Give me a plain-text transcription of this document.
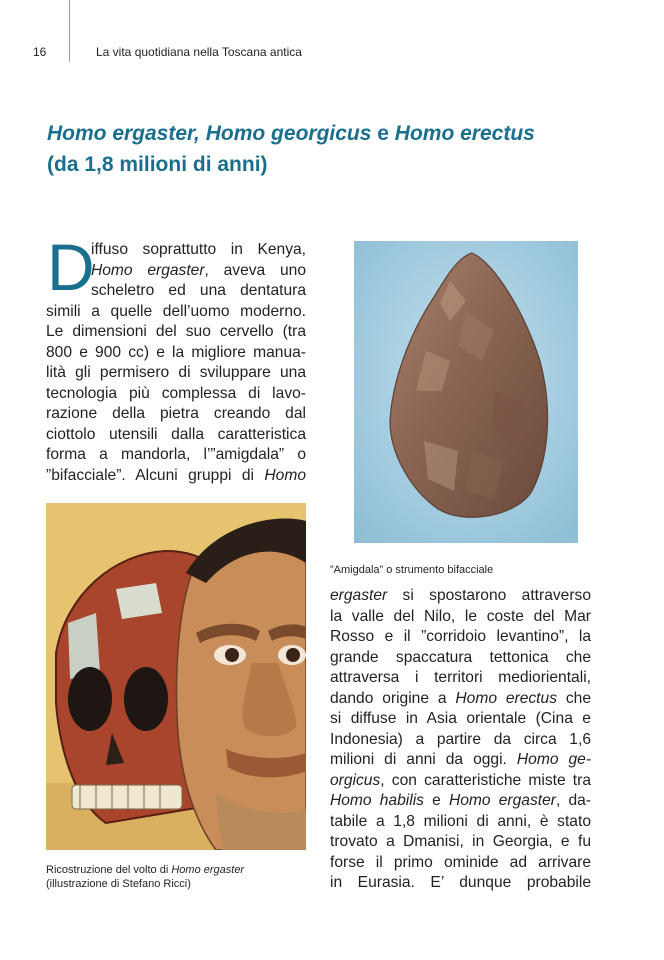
16	La vita quotidiana nella Toscana antica
Homo ergaster, Homo georgicus e Homo erectus
(da 1,8 milioni di anni)
D
iffuso soprattutto in Kenya,
Homo ergaster, aveva uno
scheletro ed una dentatura
simili a quelle dell’uomo moderno.
Le dimensioni del suo cervello (tra
800 e 900 cc) e la migliore manua-
lità gli permisero di sviluppare una
tecnologia più complessa di lavo-
razione della pietra creando dal
ciottolo utensili dalla caratteristica
forma a mandorla, l’”amigdala” o
”bifacciale”. Alcuni gruppi di Homo
”Amigdala” o strumento bifacciale
Ricostruzione del volto di Homo ergaster
(illustrazione di Stefano Ricci)
ergaster si spostarono attraverso
la valle del Nilo, le coste del Mar
Rosso e il ”corridoio levantino”, la
grande spaccatura tettonica che
attraversa i territori mediorientali,
dando origine a Homo erectus che
si diffuse in Asia orientale (Cina e
Indonesia) a partire da circa 1,6
milioni di anni da oggi. Homo ge-
orgicus, con caratteristiche miste tra
Homo habilis e Homo ergaster, da-
tabile a 1,8 milioni di anni, è stato
trovato a Dmanisi, in Georgia, e fu
forse il primo ominide ad arrivare
in Eurasia. E’ dunque probabile
